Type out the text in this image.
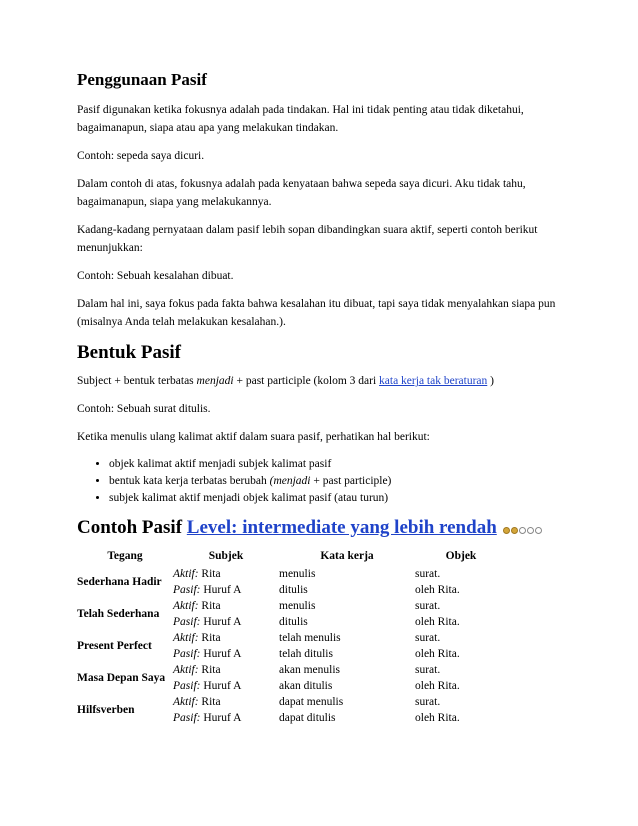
Penggunaan Pasif

Pasif digunakan ketika fokusnya adalah pada tindakan. Hal ini tidak penting atau tidak diketahui, bagaimanapun, siapa atau apa yang melakukan tindakan.

Contoh: sepeda saya dicuri.

Dalam contoh di atas, fokusnya adalah pada kenyataan bahwa sepeda saya dicuri. Aku tidak tahu, bagaimanapun, siapa yang melakukannya.

Kadang-kadang pernyataan dalam pasif lebih sopan dibandingkan suara aktif, seperti contoh berikut menunjukkan:

Contoh: Sebuah kesalahan dibuat.

Dalam hal ini, saya fokus pada fakta bahwa kesalahan itu dibuat, tapi saya tidak menyalahkan siapa pun (misalnya Anda telah melakukan kesalahan.).

Bentuk Pasif

Subject + bentuk terbatas menjadi + past participle (kolom 3 dari kata kerja tak beraturan )

Contoh: Sebuah surat ditulis.

Ketika menulis ulang kalimat aktif dalam suara pasif, perhatikan hal berikut:

• objek kalimat aktif menjadi subjek kalimat pasif
• bentuk kata kerja terbatas berubah (menjadi + past participle)
• subjek kalimat aktif menjadi objek kalimat pasif (atau turun)
Contoh Pasif Level: intermediate yang lebih rendah
Tegang	Subjek	Kata kerja	Objek
Sederhana Hadir	Aktif: Rita	menulis	surat.
	Pasif: Huruf A	ditulis	oleh Rita.
Telah Sederhana	Aktif: Rita	menulis	surat.
	Pasif: Huruf A	ditulis	oleh Rita.
Present Perfect	Aktif: Rita	telah menulis	surat.
	Pasif: Huruf A	telah ditulis	oleh Rita.
Masa Depan Saya	Aktif: Rita	akan menulis	surat.
	Pasif: Huruf A	akan ditulis	oleh Rita.
Hilfsverben	Aktif: Rita	dapat menulis	surat.
	Pasif: Huruf A	dapat ditulis	oleh Rita.
